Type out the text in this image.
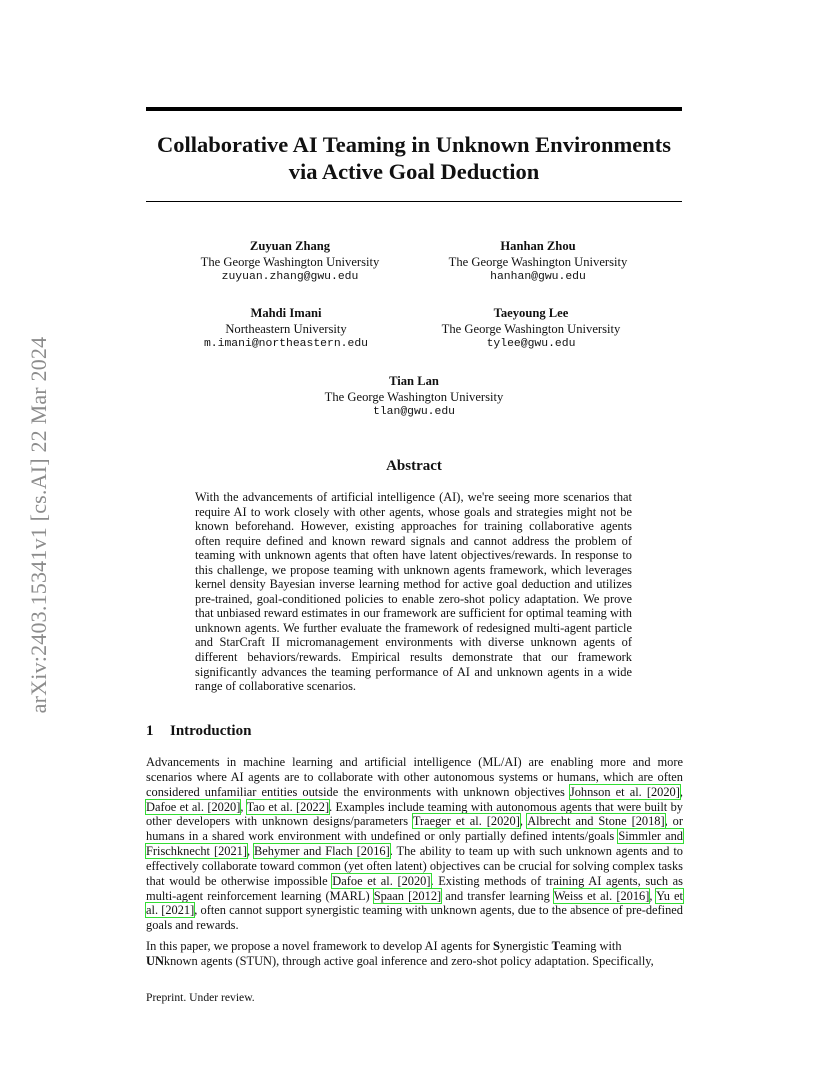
arXiv:2403.15341v1 [cs.AI] 22 Mar 2024
Collaborative AI Teaming in Unknown Environments via Active Goal Deduction
Zuyuan Zhang
The George Washington University
zuyuan.zhang@gwu.edu
Hanhan Zhou
The George Washington University
hanhan@gwu.edu
Mahdi Imani
Northeastern University
m.imani@northeastern.edu
Taeyoung Lee
The George Washington University
tylee@gwu.edu
Tian Lan
The George Washington University
tlan@gwu.edu
Abstract

With the advancements of artificial intelligence (AI), we're seeing more scenarios that require AI to work closely with other agents, whose goals and strategies might not be known beforehand. However, existing approaches for training collaborative agents often require defined and known reward signals and cannot address the problem of teaming with unknown agents that often have latent objectives/rewards. In response to this challenge, we propose teaming with unknown agents framework, which leverages kernel density Bayesian inverse learning method for active goal deduction and utilizes pre-trained, goal-conditioned policies to enable zero-shot policy adaptation. We prove that unbiased reward estimates in our framework are sufficient for optimal teaming with unknown agents. We further evaluate the framework of redesigned multi-agent particle and StarCraft II micromanagement environments with diverse unknown agents of different behaviors/rewards. Empirical results demonstrate that our framework significantly advances the teaming performance of AI and unknown agents in a wide range of collaborative scenarios.

1 Introduction

Advancements in machine learning and artificial intelligence (ML/AI) are enabling more and more scenarios where AI agents are to collaborate with other autonomous systems or humans, which are often considered unfamiliar entities outside the environments with unknown objectives Johnson et al. [2020], Dafoe et al. [2020], Tao et al. [2022]. Examples include teaming with autonomous agents that were built by other developers with unknown designs/parameters Traeger et al. [2020], Albrecht and Stone [2018], or humans in a shared work environment with undefined or only partially defined intents/goals Simmler and Frischknecht [2021], Behymer and Flach [2016]. The ability to team up with such unknown agents and to effectively collaborate toward common (yet often latent) objectives can be crucial for solving complex tasks that would be otherwise impossible Dafoe et al. [2020]. Existing methods of training AI agents, such as multi-agent reinforcement learning (MARL) Spaan [2012] and transfer learning Weiss et al. [2016], Yu et al. [2021], often cannot support synergistic teaming with unknown agents, due to the absence of pre-defined goals and rewards.

In this paper, we propose a novel framework to develop AI agents for Synergistic Teaming with
UNknown agents (STUN), through active goal inference and zero-shot policy adaptation. Specifically,

Preprint. Under review.
